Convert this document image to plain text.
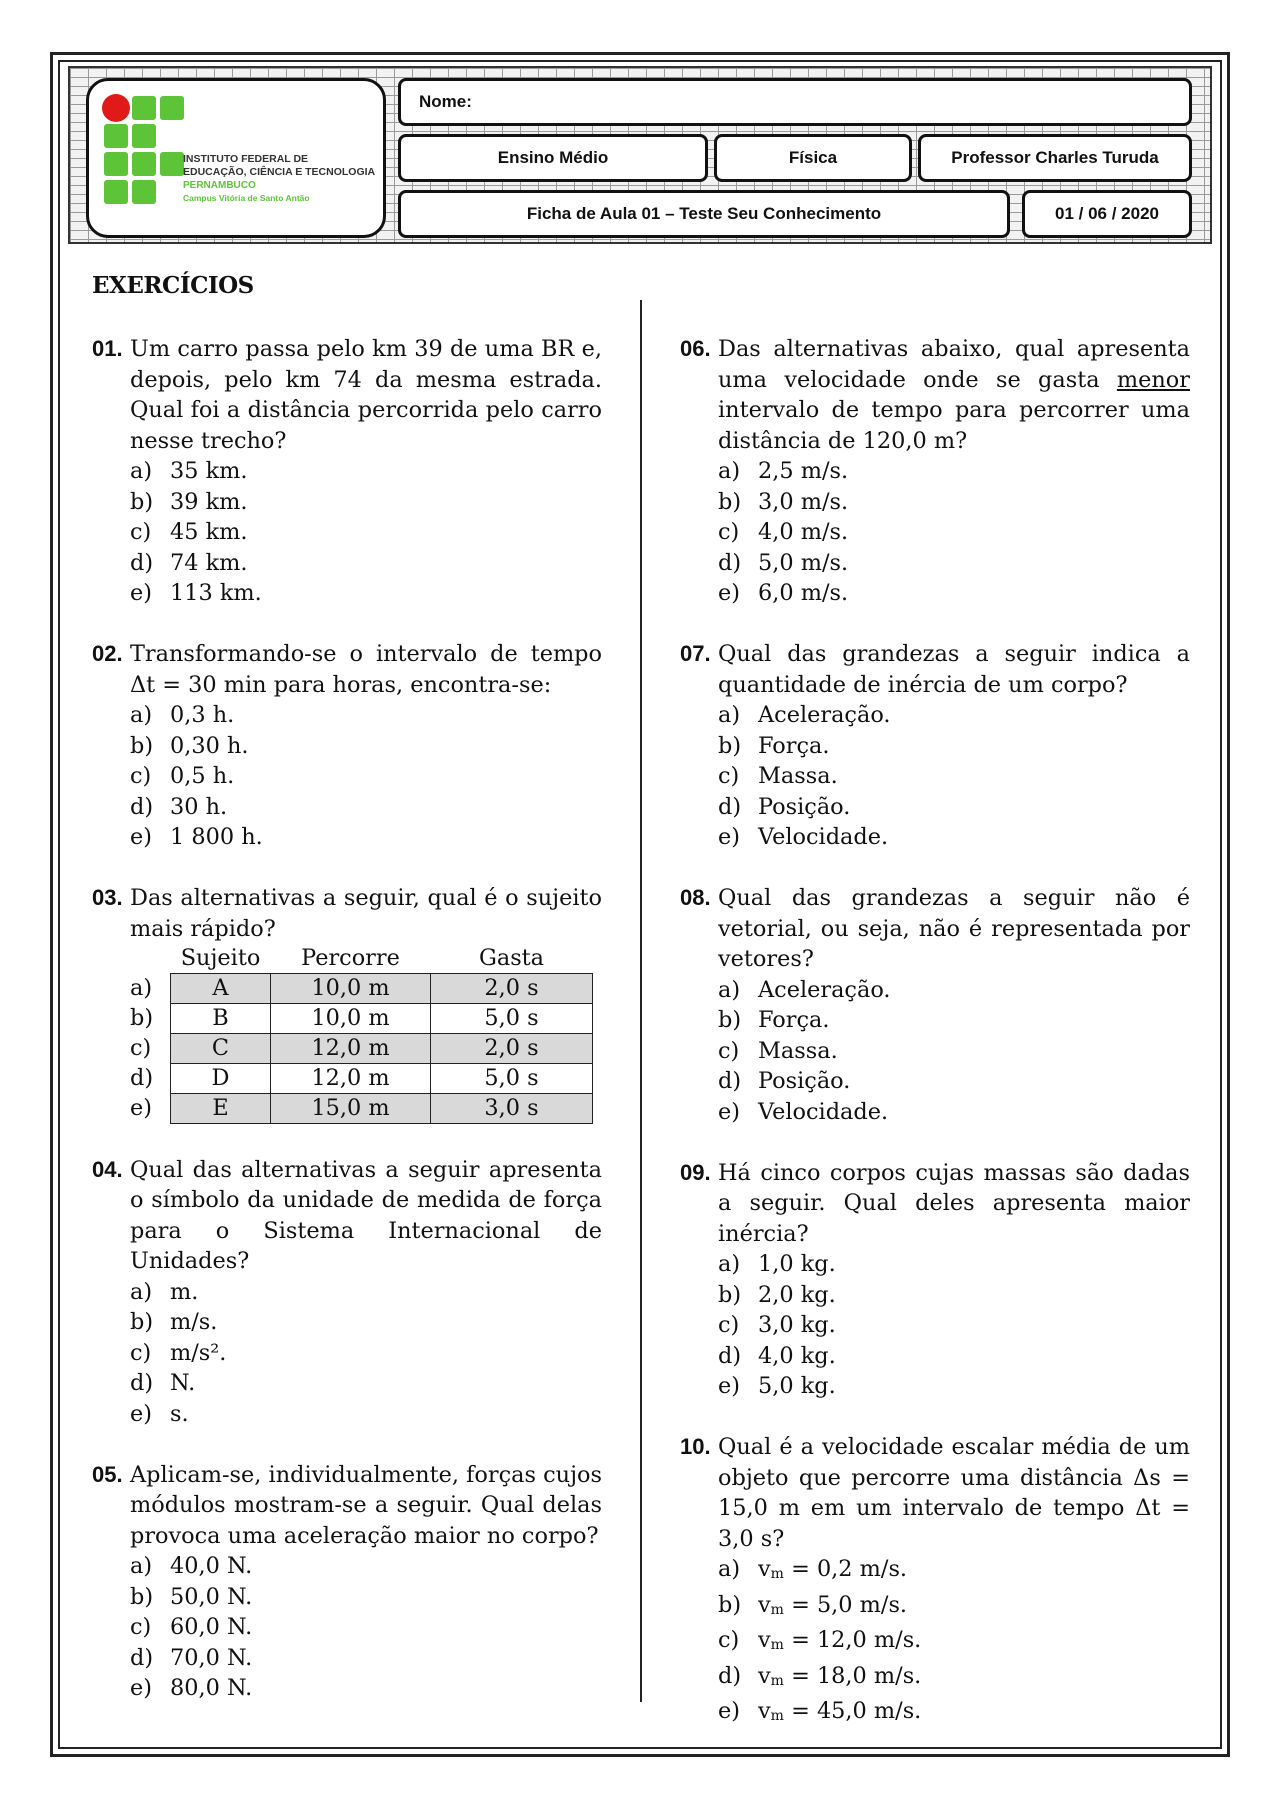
INSTITUTO FEDERAL DE
EDUCAÇÃO, CIÊNCIA E TECNOLOGIA
PERNAMBUCO
Campus Vitória de Santo Antão
Nome:
Ensino Médio	Física	Professor Charles Turuda
Ficha de Aula 01 – Teste Seu Conhecimento	01 / 06 / 2020
EXERCÍCIOS
01. Um carro passa pelo km 39 de uma BR e, depois, pelo km 74 da mesma estrada. Qual foi a distância percorrida pelo carro nesse trecho?
a) 35 km.
b) 39 km.
c) 45 km.
d) 74 km.
e) 113 km.
02. Transformando-se o intervalo de tempo Δt = 30 min para horas, encontra-se:
a) 0,3 h.
b) 0,30 h.
c) 0,5 h.
d) 30 h.
e) 1 800 h.
03. Das alternativas a seguir, qual é o sujeito mais rápido?
	Sujeito	Percorre	Gasta
a)	A	10,0 m	2,0 s
b)	B	10,0 m	5,0 s
c)	C	12,0 m	2,0 s
d)	D	12,0 m	5,0 s
e)	E	15,0 m	3,0 s
04. Qual das alternativas a seguir apresenta o símbolo da unidade de medida de força para o Sistema Internacional de Unidades?
a) m.
b) m/s.
c) m/s².
d) N.
e) s.
05. Aplicam-se, individualmente, forças cujos módulos mostram-se a seguir. Qual delas provoca uma aceleração maior no corpo?
a) 40,0 N.
b) 50,0 N.
c) 60,0 N.
d) 70,0 N.
e) 80,0 N.
06. Das alternativas abaixo, qual apresenta uma velocidade onde se gasta menor intervalo de tempo para percorrer uma distância de 120,0 m?
a) 2,5 m/s.
b) 3,0 m/s.
c) 4,0 m/s.
d) 5,0 m/s.
e) 6,0 m/s.
07. Qual das grandezas a seguir indica a quantidade de inércia de um corpo?
a) Aceleração.
b) Força.
c) Massa.
d) Posição.
e) Velocidade.
08. Qual das grandezas a seguir não é vetorial, ou seja, não é representada por vetores?
a) Aceleração.
b) Força.
c) Massa.
d) Posição.
e) Velocidade.
09. Há cinco corpos cujas massas são dadas a seguir. Qual deles apresenta maior inércia?
a) 1,0 kg.
b) 2,0 kg.
c) 3,0 kg.
d) 4,0 kg.
e) 5,0 kg.
10. Qual é a velocidade escalar média de um objeto que percorre uma distância Δs = 15,0 m em um intervalo de tempo Δt = 3,0 s?
a) $v_m$
= 0,2 m/s.
b) $v_m$
= 5,0 m/s.
c) $v_m$
= 12,0 m/s.
d) $v_m$
= 18,0 m/s.
e) $v_m$
= 45,0 m/s.
